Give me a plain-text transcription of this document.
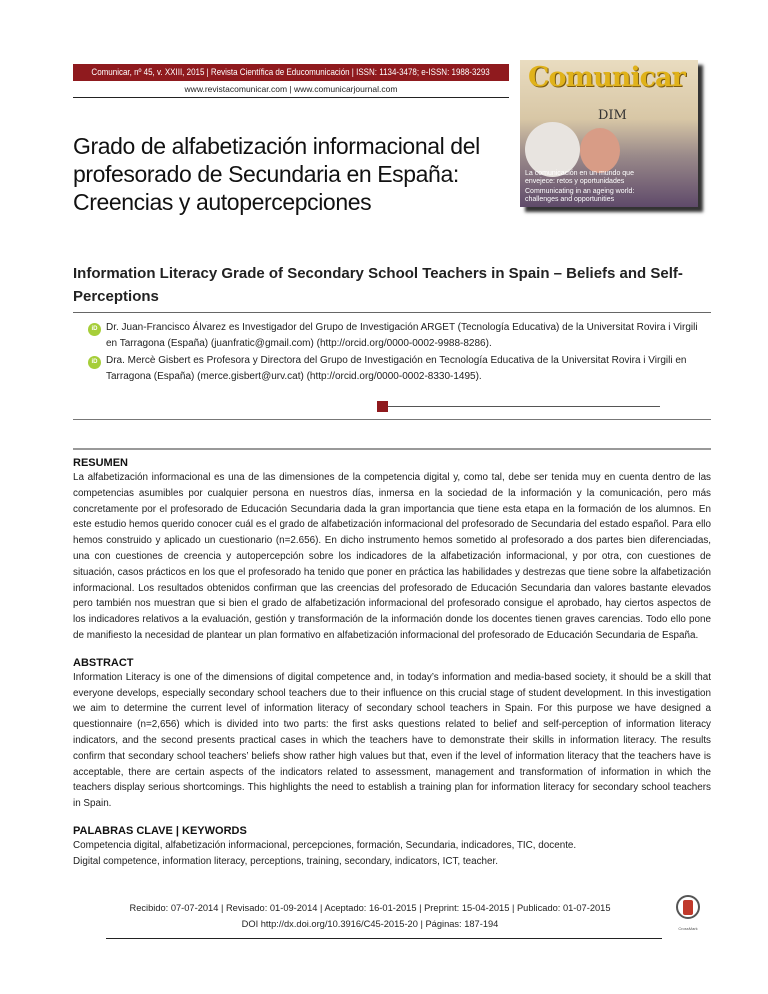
Comunicar, nº 45, v. XXIII, 2015 | Revista Científica de Educomunicación | ISSN: 1134-3478; e-ISSN: 1988-3293
www.revistacomunicar.com | www.comunicarjournal.com	Comunicar
DIM
La comunicación en un mundo que envejece: retos y oportunidades
Communicating in an ageing world: challenges and opportunities
Grado de alfabetización informacional del profesorado de Secundaria en España: Creencias y autopercepciones
Information Literacy Grade of Secondary School Teachers in Spain – Beliefs and Self-Perceptions
iD Dr. Juan-Francisco Álvarez es Investigador del Grupo de Investigación ARGET (Tecnología Educativa) de la Universitat Rovira i Virgili en Tarragona (España) (juanfratic@gmail.com) (http://orcid.org/0000-0002-9988-8286).
iD Dra. Mercè Gisbert es Profesora y Directora del Grupo de Investigación en Tecnología Educativa de la Universitat Rovira i Virgili en Tarragona (España) (merce.gisbert@urv.cat) (http://orcid.org/0000-0002-8330-1495).
RESUMEN
La alfabetización informacional es una de las dimensiones de la competencia digital y, como tal, debe ser tenida muy en cuenta dentro de las competencias asumibles por cualquier persona en nuestros días, inmersa en la sociedad de la información y la comunicación, pero más concretamente por el profesorado de Educación Secundaria dada la gran importancia que tiene esta etapa en la formación de los alumnos. En este estudio hemos querido conocer cuál es el grado de alfabetización informacional del profesorado de Secundaria del estado español. Para ello hemos construido y aplicado un cuestionario (n=2.656). En dicho instrumento hemos sometido al profesorado a dos partes bien diferenciadas, una con cuestiones de creencia y autopercepción sobre los indicadores de la alfabetización informacional, y por otra, con cuestiones de situación, casos prácticos en los que el profesorado ha tenido que poner en práctica las habilidades y destrezas que tiene sobre la alfabetización informacional. Los resultados obtenidos confirman que las creencias del profesorado de Educación Secundaria dan valores bastante elevados pero también nos muestran que si bien el grado de alfabetización informacional del profesorado consigue el aprobado, hay ciertos aspectos de los indicadores relativos a la evaluación, gestión y transformación de la información donde los docentes tienen graves carencias. Todo ello pone de manifiesto la necesidad de plantear un plan formativo en alfabetización informacional del profesorado de Educación Secundaria de España.
ABSTRACT
Information Literacy is one of the dimensions of digital competence and, in today’s information and media-based society, it should be a skill that everyone develops, especially secondary school teachers due to their influence on this crucial stage of student development. In this investigation we aim to determine the current level of information literacy of secondary school teachers in Spain. For this purpose we have designed a questionnaire (n=2,656) which is divided into two parts: the first asks questions related to belief and self-perception of information literacy indicators, and the second presents practical cases in which the teachers have to demonstrate their skills in information literacy. The results confirm that secondary school teachers’ beliefs show rather high values but that, even if the level of information literacy that the teachers have is acceptable, there are certain aspects of the indicators related to assessment, management and transformation of information in which the teachers display serious shortcomings. This highlights the need to establish a training plan for information literacy for secondary school teachers in Spain.
PALABRAS CLAVE | KEYWORDS
Competencia digital, alfabetización informacional, percepciones, formación, Secundaria, indicadores, TIC, docente.
Digital competence, information literacy, perceptions, training, secondary, indicators, ICT, teacher.
Recibido: 07-07-2014 | Revisado: 01-09-2014 | Aceptado: 16-01-2015 | Preprint: 15-04-2015 | Publicado: 01-07-2015
DOI http://dx.doi.org/10.3916/C45-2015-20 | Páginas: 187-194	CrossMark
